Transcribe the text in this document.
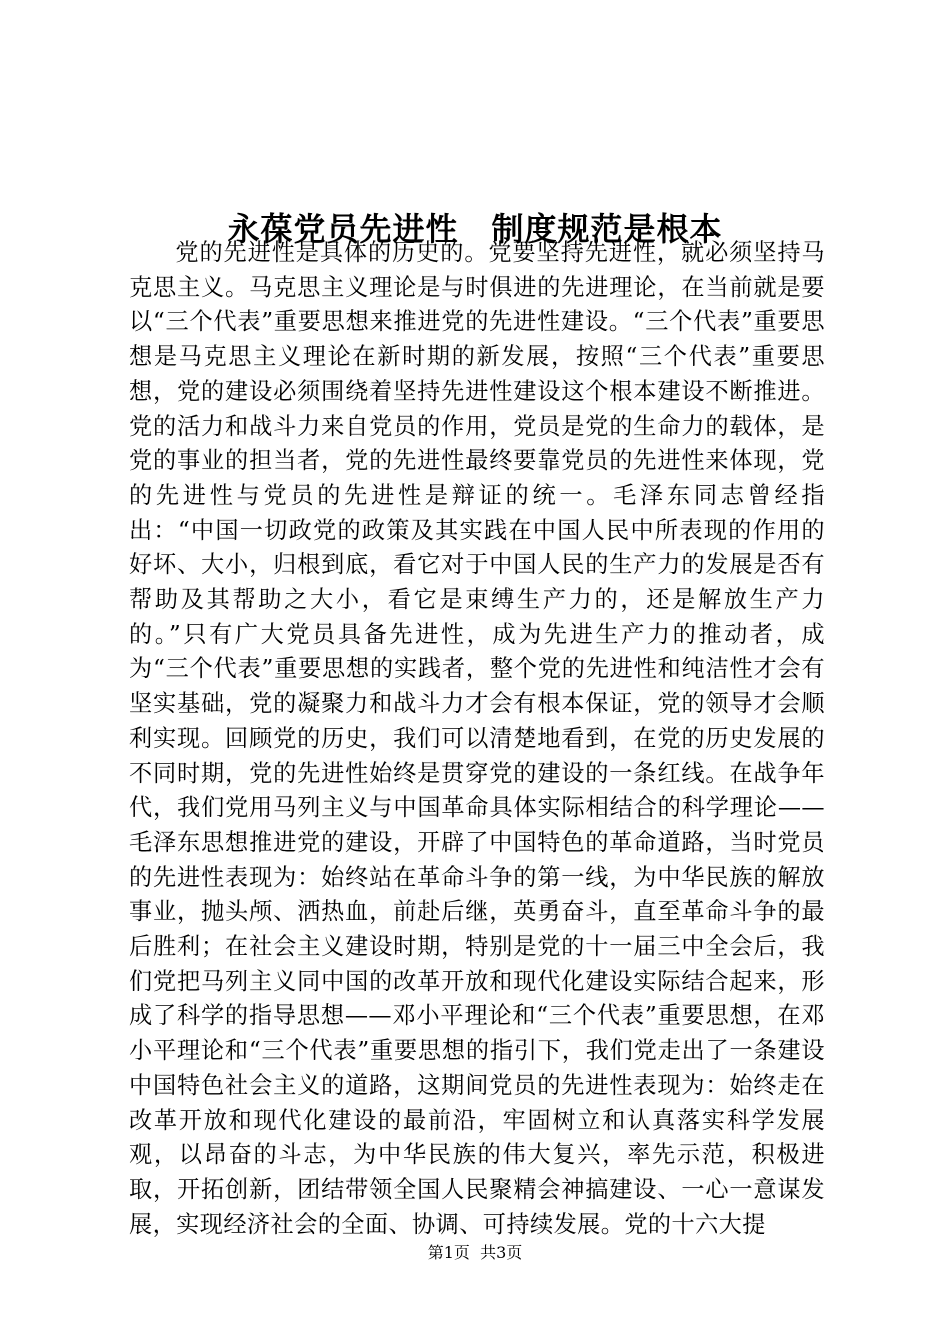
永葆党员先进性　制度规范是根本

党的先进性是具体的历史的。党要坚持先进性，就必须坚持马克思主义。马克思主义理论是与时俱进的先进理论，在当前就是要以“三个代表”重要思想来推进党的先进性建设。“三个代表”重要思想是马克思主义理论在新时期的新发展，按照“三个代表”重要思想，党的建设必须围绕着坚持先进性建设这个根本建设不断推进。党的活力和战斗力来自党员的作用，党员是党的生命力的载体，是党的事业的担当者，党的先进性最终要靠党员的先进性来体现，党的先进性与党员的先进性是辩证的统一。毛泽东同志曾经指出：“中国一切政党的政策及其实践在中国人民中所表现的作用的好坏、大小，归根到底，看它对于中国人民的生产力的发展是否有帮助及其帮助之大小，看它是束缚生产力的，还是解放生产力的。”只有广大党员具备先进性，成为先进生产力的推动者，成为“三个代表”重要思想的实践者，整个党的先进性和纯洁性才会有坚实基础，党的凝聚力和战斗力才会有根本保证，党的领导才会顺利实现。回顾党的历史，我们可以清楚地看到，在党的历史发展的不同时期，党的先进性始终是贯穿党的建设的一条红线。在战争年代，我们党用马列主义与中国革命具体实际相结合的科学理论——毛泽东思想推进党的建设，开辟了中国特色的革命道路，当时党员的先进性表现为：始终站在革命斗争的第一线，为中华民族的解放事业，抛头颅、洒热血，前赴后继，英勇奋斗，直至革命斗争的最后胜利；在社会主义建设时期，特别是党的十一届三中全会后，我们党把马列主义同中国的改革开放和现代化建设实际结合起来，形成了科学的指导思想——邓小平理论和“三个代表”重要思想，在邓小平理论和“三个代表”重要思想的指引下，我们党走出了一条建设中国特色社会主义的道路，这期间党员的先进性表现为：始终走在改革开放和现代化建设的最前沿，牢固树立和认真落实科学发展观，以昂奋的斗志，为中华民族的伟大复兴，率先示范，积极进取，开拓创新，团结带领全国人民聚精会神搞建设、一心一意谋发展，实现经济社会的全面、协调、可持续发展。党的十六大提

第1页  共3页
